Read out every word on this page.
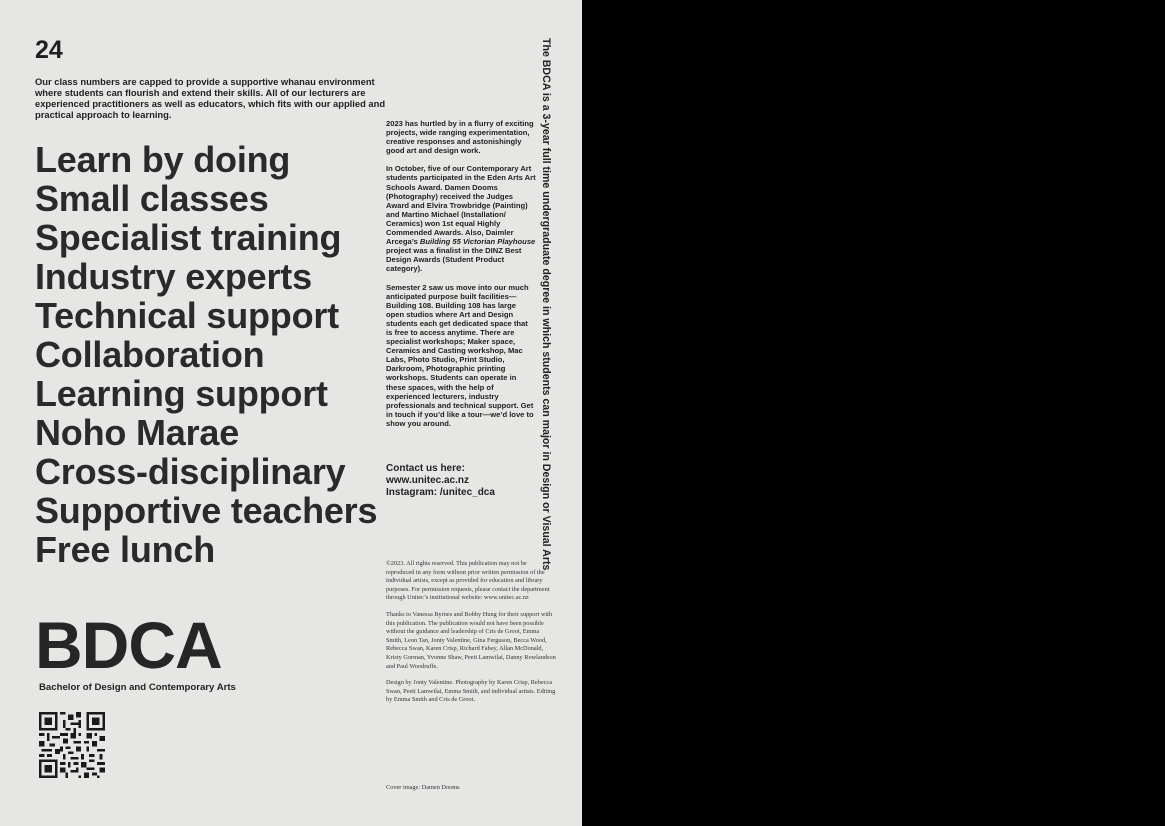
24
Our class numbers are capped to provide a supportive whanau environment where students can flourish and extend their skills. All of our lecturers are experienced practitioners as well as educators, which fits with our applied and practical approach to learning.
Learn by doing
Small classes
Specialist training
Industry experts
Technical support
Collaboration
Learning support
Noho Marae
Cross-disciplinary
Supportive teachers
Free lunch

2023 has hurtled by in a flurry of exciting projects, wide ranging experimentation, creative responses and astonishingly good art and design work.

In October, five of our Contemporary Art students participated in the Eden Arts Art Schools Award. Damen Dooms (Photography) received the Judges Award and Elvira Trowbridge (Painting) and Martino Michael (Installation/ Ceramics) won 1st equal Highly Commended Awards. Also, Daimler Arcega’s Building 55 Victorian Playhouse project was a finalist in the DINZ Best Design Awards (Student Product category).

Semester 2 saw us move into our much anticipated purpose built facilities—Building 108. Building 108 has large open studios where Art and Design students each get dedicated space that is free to access anytime. There are specialist workshops; Maker space, Ceramics and Casting workshop, Mac Labs, Photo Studio, Print Studio, Darkroom, Photographic printing workshops. Students can operate in these spaces, with the help of experienced lecturers, industry professionals and technical support. Get in touch if you’d like a tour—we’d love to show you around.

Contact us here:
www.unitec.ac.nz
Instagram: /unitec_dca

©2023. All rights reserved. This publication may not be reproduced in any form without prior written permission of the individual artists, except as provided for education and library purposes. For permission requests, please contact the department through Unitec’s institutional website: www.unitec.ac.nz

Thanks to Vanessa Byrnes and Bobby Hung for their support with this publication. The publication would not have been possible without the guidance and leadership of Cris de Groot, Emma Smith, Leon Tan, Jonty Valentine, Gina Ferguson, Becca Wood, Rebecca Swan, Karen Crisp, Richard Fahey, Allan McDonald, Kristy Gorman, Yvonne Shaw, Peeti Lamwilai, Danny Rowlandson and Paul Woodruffe.

Design by Jonty Valentine. Photography by Karen Crisp, Rebecca Swan, Peeti Lamwilai, Emma Smith, and individual artists. Editing by Emma Smith and Cris de Groot.

Cover image: Damen Dooms
BDCA
Bachelor of Design and Contemporary Arts
The BDCA is a 3-year full time undergraduate degree in which students can major in Design or Visual Arts
